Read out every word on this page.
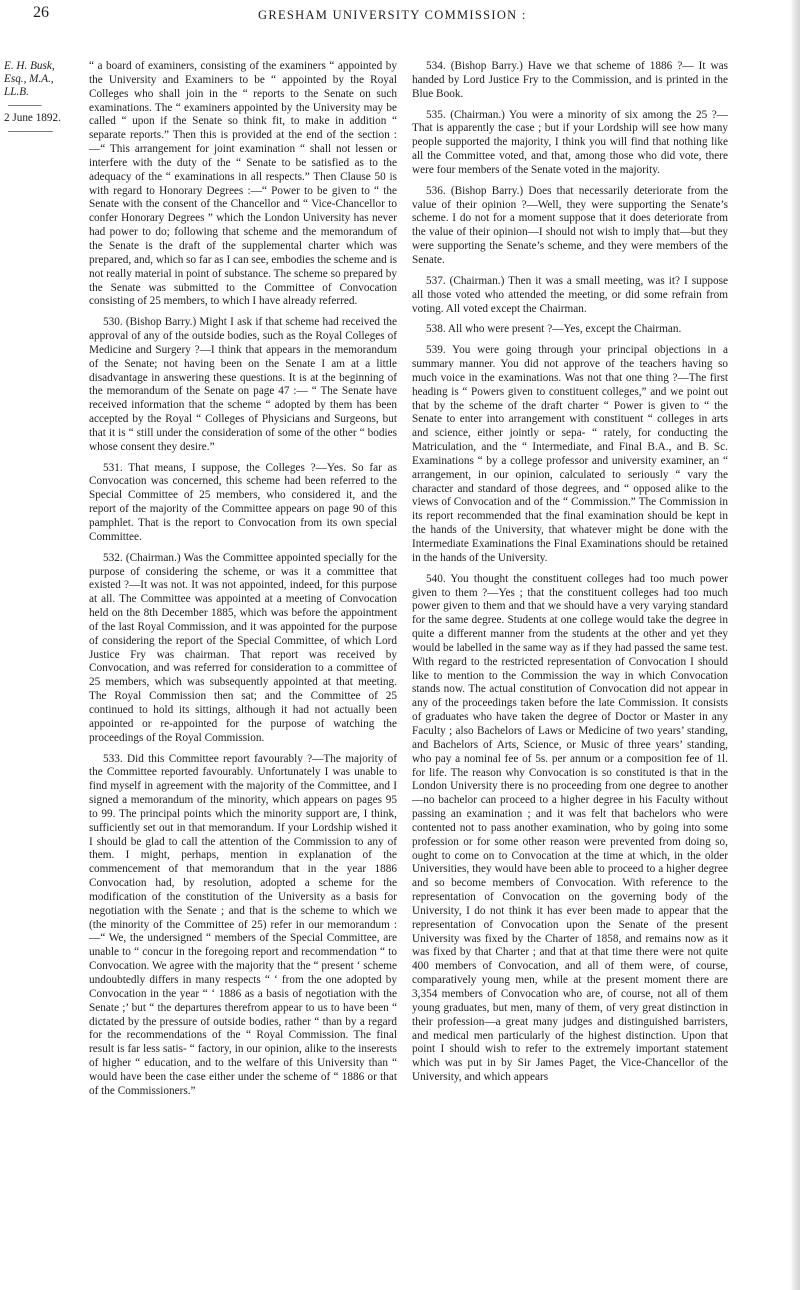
26	GRESHAM UNIVERSITY COMMISSION :
E. H. Busk,
Esq., M.A.,
LL.B.
———
2 June 1892.
————

“ a board of examiners, consisting of the examiners “ appointed by the University and Examiners to be “ appointed by the Royal Colleges who shall join in the “ reports to the Senate on such examinations. The “ examiners appointed by the University may be called “ upon if the Senate so think fit, to make in addition “ separate reports.” Then this is provided at the end of the section :—“ This arrangement for joint examination “ shall not lessen or interfere with the duty of the “ Senate to be satisfied as to the adequacy of the “ examinations in all respects.” Then Clause 50 is with regard to Honorary Degrees :—“ Power to be given to “ the Senate with the consent of the Chancellor and “ Vice-Chancellor to confer Honorary Degrees ” which the London University has never had power to do; following that scheme and the memorandum of the Senate is the draft of the supplemental charter which was prepared, and, which so far as I can see, embodies the scheme and is not really material in point of substance. The scheme so prepared by the Senate was submitted to the Committee of Convocation consisting of 25 members, to which I have already referred.

530. (Bishop Barry.) Might I ask if that scheme had received the approval of any of the outside bodies, such as the Royal Colleges of Medicine and Surgery ?—I think that appears in the memorandum of the Senate; not having been on the Senate I am at a little disadvantage in answering these questions. It is at the beginning of the memorandum of the Senate on page 47 :— “ The Senate have received information that the scheme “ adopted by them has been accepted by the Royal “ Colleges of Physicians and Surgeons, but that it is “ still under the consideration of some of the other “ bodies whose consent they desire.”

531. That means, I suppose, the Colleges ?—Yes. So far as Convocation was concerned, this scheme had been referred to the Special Committee of 25 members, who considered it, and the report of the majority of the Committee appears on page 90 of this pamphlet. That is the report to Convocation from its own special Committee.

532. (Chairman.) Was the Committee appointed specially for the purpose of considering the scheme, or was it a committee that existed ?—It was not. It was not appointed, indeed, for this purpose at all. The Committee was appointed at a meeting of Convocation held on the 8th December 1885, which was before the appointment of the last Royal Commission, and it was appointed for the purpose of considering the report of the Special Committee, of which Lord Justice Fry was chairman. That report was received by Convocation, and was referred for consideration to a committee of 25 members, which was subsequently appointed at that meeting. The Royal Commission then sat; and the Committee of 25 continued to hold its sittings, although it had not actually been appointed or re-appointed for the purpose of watching the proceedings of the Royal Commission.

533. Did this Committee report favourably ?—The majority of the Committee reported favourably. Unfortunately I was unable to find myself in agreement with the majority of the Committee, and I signed a memorandum of the minority, which appears on pages 95 to 99. The principal points which the minority support are, I think, sufficiently set out in that memorandum. If your Lordship wished it I should be glad to call the attention of the Commission to any of them. I might, perhaps, mention in explanation of the commencement of that memorandum that in the year 1886 Convocation had, by resolution, adopted a scheme for the modification of the constitution of the University as a basis for negotiation with the Senate ; and that is the scheme to which we (the minority of the Committee of 25) refer in our memorandum :—“ We, the undersigned “ members of the Special Committee, are unable to “ concur in the foregoing report and recommendation “ to Convocation. We agree with the majority that the “ present ‘ scheme undoubtedly differs in many respects “ ‘ from the one adopted by Convocation in the year “ ‘ 1886 as a basis of negotiation with the Senate ;’ but “ the departures therefrom appear to us to have been “ dictated by the pressure of outside bodies, rather “ than by a regard for the recommendations of the “ Royal Commission. The final result is far less satis- “ factory, in our opinion, alike to the inserests of higher “ education, and to the welfare of this University than “ would have been the case either under the scheme of “ 1886 or that of the Commissioners.”

534. (Bishop Barry.) Have we that scheme of 1886 ?— It was handed by Lord Justice Fry to the Commission, and is printed in the Blue Book.

535. (Chairman.) You were a minority of six among the 25 ?—That is apparently the case ; but if your Lordship will see how many people supported the majority, I think you will find that nothing like all the Committee voted, and that, among those who did vote, there were four members of the Senate voted in the majority.

536. (Bishop Barry.) Does that necessarily deteriorate from the value of their opinion ?—Well, they were supporting the Senate’s scheme. I do not for a moment suppose that it does deteriorate from the value of their opinion—I should not wish to imply that—but they were supporting the Senate’s scheme, and they were members of the Senate.

537. (Chairman.) Then it was a small meeting, was it? I suppose all those voted who attended the meeting, or did some refrain from voting. All voted except the Chairman.

538. All who were present ?—Yes, except the Chairman.

539. You were going through your principal objections in a summary manner. You did not approve of the teachers having so much voice in the examinations. Was not that one thing ?—The first heading is “ Powers given to constituent colleges,” and we point out that by the scheme of the draft charter “ Power is given to “ the Senate to enter into arrangement with constituent “ colleges in arts and science, either jointly or sepa- “ rately, for conducting the Matriculation, and the “ Intermediate, and Final B.A., and B. Sc. Examinations “ by a college professor and university examiner, an “ arrangement, in our opinion, calculated to seriously “ vary the character and standard of those degrees, and “ opposed alike to the views of Convocation and of the “ Commission.” The Commission in its report recommended that the final examination should be kept in the hands of the University, that whatever might be done with the Intermediate Examinations the Final Examinations should be retained in the hands of the University.

540. You thought the constituent colleges had too much power given to them ?—Yes ; that the constituent colleges had too much power given to them and that we should have a very varying standard for the same degree. Students at one college would take the degree in quite a different manner from the students at the other and yet they would be labelled in the same way as if they had passed the same test. With regard to the restricted representation of Convocation I should like to mention to the Commission the way in which Convocation stands now. The actual constitution of Convocation did not appear in any of the proceedings taken before the late Commission. It consists of graduates who have taken the degree of Doctor or Master in any Faculty ; also Bachelors of Laws or Medicine of two years’ standing, and Bachelors of Arts, Science, or Music of three years’ standing, who pay a nominal fee of 5s. per annum or a composition fee of 1l. for life. The reason why Convocation is so constituted is that in the London University there is no proceeding from one degree to another—no bachelor can proceed to a higher degree in his Faculty without passing an examination ; and it was felt that bachelors who were contented not to pass another examination, who by going into some profession or for some other reason were prevented from doing so, ought to come on to Convocation at the time at which, in the older Universities, they would have been able to proceed to a higher degree and so become members of Convocation. With reference to the representation of Convocation on the governing body of the University, I do not think it has ever been made to appear that the representation of Convocation upon the Senate of the present University was fixed by the Charter of 1858, and remains now as it was fixed by that Charter ; and that at that time there were not quite 400 members of Convocation, and all of them were, of course, comparatively young men, while at the present moment there are 3,354 members of Convocation who are, of course, not all of them young graduates, but men, many of them, of very great distinction in their profession—a great many judges and distinguished barristers, and medical men particularly of the highest distinction. Upon that point I should wish to refer to the extremely important statement which was put in by Sir James Paget, the Vice-Chancellor of the University, and which appears
